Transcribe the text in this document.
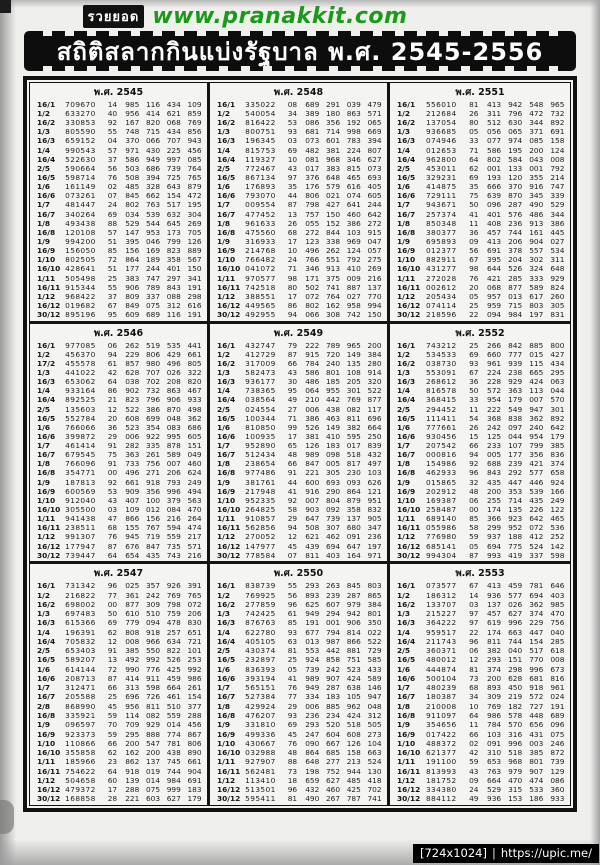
รวยยอด www.pranakkit.com
สถิติสลากกินแบ่งรัฐบาล พ.ศ. 2545-2556
พ.ศ. 2545
16/1	709670	14	985 116 434 109
1/2	633270	40	956 414 621 859
16/2	330853	92	167 820 068 769
1/3	805590	55	748 715 434 856
16/3	659152	04	370 066 707 943
1/4	990543	57	971 430 225 456
16/4	522630	37	586 949 997 085
2/5	590664	56	503 686 739 764
16/5	598714	76	508 394 725 765
1/6	161149	02	485 328 643 879
16/6	073261	07	845 662 154 472
1/7	481447	24	802 763 517 195
16/7	340264	69	034 539 632 304
1/8	493438	88	529 544 645 269
16/8	120108	57	147 953 173 705
1/9	994200	51	395 046 799 126
16/9	156050	85	156 169 823 889
1/10	802505	72	864 189 358 567
16/10 428641	51	177 244 401 150
1/11	505498	25	383 747 297 341
16/11 915344	55	906 789 843 191
1/12	968422	37	809 337 088 298
16/12 019682	67	849 075 312 616
30/12 895196	95	609 689 116 191
พ.ศ. 2548
16/1	335022	08	689 291 039 479
1/2	540054	34	389 180 863 571
16/2	816422	53	086 356 192 065
1/3	800751	93	681 714 998 669
16/3	196345	03	073 601 783 394
1/4	815753	69	482 381 224 807
16/4	119327	10	081 968 346 627
2/5	772467	43	017 383 815 073
16/5	867134	97	376 648 465 693
1/6	176893	35	176 579 616 405
16/6	793070	44	806 021 074 605
1/7	009554	87	798 427 641 244
16/7	477452	13	757 150 460 642
1/8	961633	26	055 152 386 272
16/8	475560	68	272 844 103 915
1/9	316933	17	123 338 969 047
16/9	214768	10	496 262 124 057
1/10	766482	24	766 551 792 275
16/10 041072	71	346 913 410 269
1/11	970577	98	171 375 009 216
16/11 742518	80	502 741 887 137
1/12	388551	17	072 764 027 770
16/12 449565	86	802 162 958 994
30/12 492955	94	066 308 742 150
พ.ศ. 2551
16/1	556010	81	413 942 548 965
1/2	212684	26	311 796 472 732
16/2	137054	80	512 630 344 892
1/3	936685	05	056 065 371 691
16/3	074946	33	077 974 085 158
1/4	012653	71	586 195 200 124
16/4	962800	64	802 584 043 008
2/5	453011	62	001 133 001 792
16/5	329231	69	193 120 355 214
1/6	414875	35	666 370 916 747
16/6	729111	75	639 870 345 339
1/7	943671	50	096 287 490 529
16/7	257374	41	401 576 486 344
1/8	850348	11	408 236 913 386
16/8	380377	36	457 744 161 445
1/9	695893	09	413 206 904 027
16/9	012377	56	691 378 557 534
1/10	882911	67	395 204 302 311
16/10 431277	98	644 526 324 648
1/11	272028	76	421 285 333 929
16/11 002612	20	068 877 589 824
1/12	205434	05	957 013 617 260
16/12 074114	25	959 715 803 305
30/12 218596	22	094 984 197 831
พ.ศ. 2546
16/1	977085	06	262 519 535 441
1/2	456370	94	229 806 429 661
17/2	455578	61	857 980 496 805
1/3	441022	42	628 707 026 322
16/3	653062	64	038 702 208 820
1/4	933164	86	902 732 863 467
16/4	892525	21	823 796 906 933
2/5	135603	12	522 386 870 498
16/5	552784	20	608 699 048 362
1/6	766066	36	523 354 083 686
16/6	399872	29	006 922 995 605
1/7	461414	91	282 335 878 151
16/7	679545	75	363 261 589 049
1/8	766096	91	733 756 007 460
16/8	354771	00	496 271 206 624
1/9	187813	92	661 918 793 249
16/9	600569	53	909 356 996 494
1/10	912040	43	407 100 379 563
16/10 305500	03	109 012 084 470
1/11	941438	47	866 156 216 264
16/11 238511	68	155 767 594 474
1/12	991307	76	945 719 559 217
16/12 177947	87	676 847 735 571
30/12 739447	64	654 435 743 216
พ.ศ. 2549
16/1	432747	79	222 789 965 200
1/2	412729	87	915 720 149 384
16/2	317009	66	784 240 135 280
1/3	582473	43	586 801 108 914
16/3	936177	30	486 185 205 320
1/4	738365	95	064 955 301 522
16/4	038564	49	210 442 769 877
2/5	024554	27	006 438 082 117
16/5	100344	71	386 463 811 696
1/6	810850	99	526 149 382 664
16/6	100935	17	381 410 595 250
1/7	952890	65	126 183 017 839
16/7	512434	48	989 098 518 432
1/8	238654	66	847 005 817 497
16/8	977486	91	221 305 230 103
1/9	381761	44	600 693 093 626
16/9	217948	41	916 290 864 121
1/10	952335	92	007 804 879 951
16/10 264825	58	903 092 358 832
1/11	910857	29	647 739 137 905
16/11 562856	94	508 307 680 347
1/12	270052	12	621 462 091 236
16/12 147977	45	439 694 647 197
30/12 778584	07	811 403 164 971
พ.ศ. 2552
16/1	743212	25	266 842 885 800
1/2	534533	69	660 777 015 427
16/2	038730	93	961 939 115 434
1/3	553091	67	224 238 665 295
16/3	268612	36	228 929 424 063
1/4	816578	50	572 363 113 044
16/4	368415	33	954 179 007 570
2/5	294452	11	222 549 947 301
16/5	111411	54	368 838 362 892
1/6	777661	26	242 097 240 642
16/6	930456	15	125 044 954 179
1/7	207542	66	233 107 799 385
16/7	000816	94	005 177 356 836
1/8	154986	92	688 239 421 374
16/8	462933	96	843 292 577 658
1/9	015865	32	435 447 446 924
16/9	202912	48	200 353 539 166
1/10	169387	06	255 714 435 249
16/10 258487	00	174 135 226 122
1/11	689140	85	366 923 642 465
16/11 055986	58	299 952 072 536
1/12	776980	59	937 188 412 252
16/12 685141	05	694 775 524 142
30/12 994304	87	993 419 337 598
พ.ศ. 2547
16/1	731342	96	025 357 926 391
1/2	216822	77	361 242 769 765
16/2	698002	00	877 309 798 072
1/3	697483	50	610 510 759 206
16/3	615366	69	779 094 478 830
1/4	196391	62	808 918 257 651
16/4	705832	12	008 966 634 721
2/5	653403	91	385 550 822 101
16/5	589207	13	492 992 526 253
1/6	614144	72	990 776 425 992
16/6	208713	87	414 911 459 986
1/7	312471	66	313 598 664 261
16/7	205588	25	696 726 461 154
2/8	868990	45	956 811 510 377
16/8	335921	59	114 082 559 288
1/9	096597	70	709 929 014 456
16/9	923373	59	295 888 774 867
1/10	110866	66	200 547 781 806
16/10 355858	62	162 200 438 890
1/11	185966	23	862 137 745 661
16/11 754622	64	918 019 744 904
1/12	504658	60	139 014 984 691
16/12 479372	17	288 075 999 183
30/12 168858	28	221 603 627 179
พ.ศ. 2550
16/1	838739	55	293 263 845 803
1/2	769925	56	893 239 287 865
16/2	277859	96	625 607 979 384
1/3	742425	61	949 294 942 801
16/3	876763	85	191 001 906 350
1/4	622780	93	677 794 814 022
16/4	405105	63	013 987 866 522
2/5	430374	81	553 442 881 729
16/5	232897	25	924 858 751 585
1/6	836393	05	739 242 523 433
16/6	393194	41	989 907 424 589
1/7	565151	76	949 287 638 146
16/7	527384	77	334 183 105 947
1/8	429924	29	006 885 962 048
16/8	476207	93	236 234 424 312
1/9	331810	69	293 520 518 505
16/9	499336	45	247 604 608 273
1/10	430667	76	090 667 126 104
16/10 032988	48	864 685 158 663
1/11	927907	88	648 277 213 524
16/11 562481	73	198 752 944 130
1/12	113410	18	659 627 485 418
16/12 513501	96	432 460 425 702
30/12 595411	81	490 267 787 741
พ.ศ. 2553
16/1	073577	67	413 459 781 646
1/2	186312	14	936 577 694 403
16/2	133707	03	137 026 362 985
1/3	215227	97	457 627 374 470
16/3	364222	97	619 996 229 756
1/4	959517	22	174 663 447 040
16/4	211743	96	811 744 154 285
2/5	360371	06	382 040 517 618
16/5	480012	12	293 151 770 008
1/6	444874	81	374 298 996 673
16/6	500104	73	200 628 681 816
1/7	480239	68	893 450 918 961
16/7	180387	34	309 219 572 024
1/8	210008	10	769 182 727 191
16/8	911097	64	986 578 448 689
1/9	354656	11	784 570 656 096
16/9	017422	66	103 316 431 075
1/10	488372	02	091 996 003 246
16/10 621377	42	310 518 385 872
1/11	191100	59	653 968 801 739
16/11 813993	43	763 979 907 129
1/12	181752	09	664 470 474 086
16/12 334380	24	529 315 533 360
30/12 884112	49	936 153 186 933
[724x1024] | https://upic.me/
